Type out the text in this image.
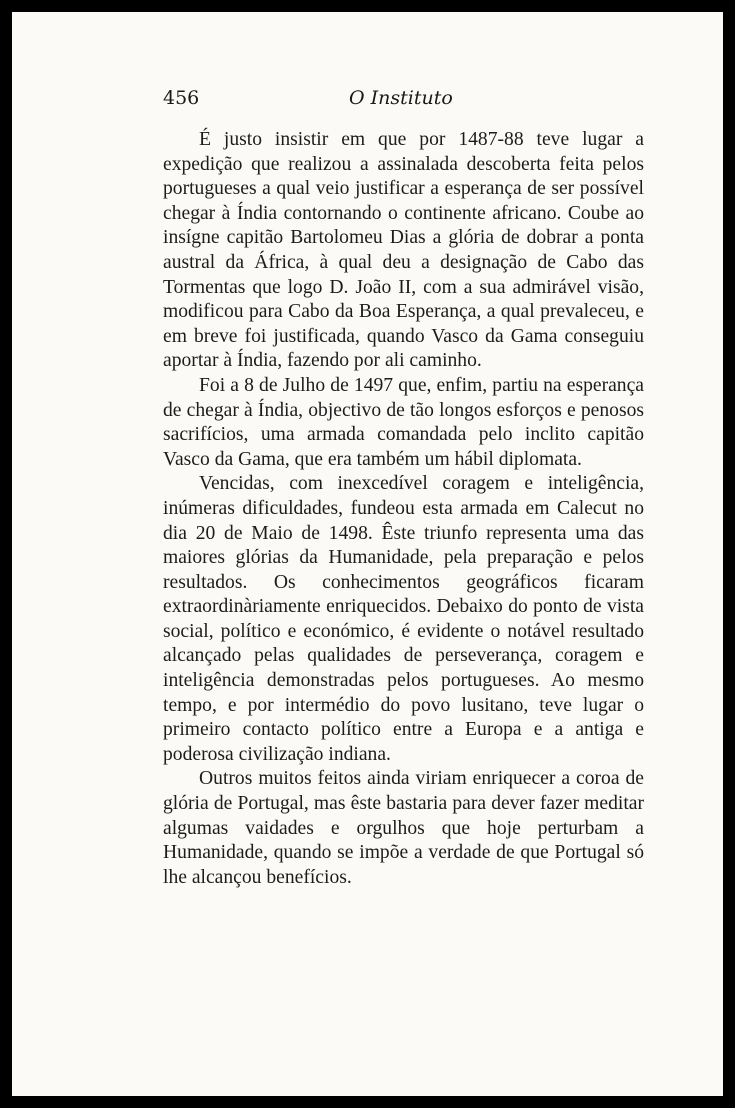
456	O Instituto

É justo insistir em que por 1487-88 teve lugar a expedição que realizou a assinalada descoberta feita pelos portugueses a qual veio justificar a esperança de ser possível chegar à Índia contornando o continente africano. Coube ao insígne capitão Bartolomeu Dias a glória de dobrar a ponta austral da África, à qual deu a designação de Cabo das Tormentas que logo D. João II, com a sua admirável visão, modificou para Cabo da Boa Esperança, a qual prevaleceu, e em breve foi justificada, quando Vasco da Gama conseguiu aportar à Índia, fazendo por ali caminho.

Foi a 8 de Julho de 1497 que, enfim, partiu na esperança de chegar à Índia, objectivo de tão longos esforços e penosos sacrifícios, uma armada comandada pelo inclito capitão Vasco da Gama, que era também um hábil diplomata.

Vencidas, com inexcedível coragem e inteligência, inúmeras dificuldades, fundeou esta armada em Calecut no dia 20 de Maio de 1498. Êste triunfo representa uma das maiores glórias da Humanidade, pela preparação e pelos resultados. Os conhecimentos geográficos ficaram extraordinàriamente enriquecidos. Debaixo do ponto de vista social, político e económico, é evidente o notável resultado alcançado pelas qualidades de perseverança, coragem e inteligência demonstradas pelos portugueses. Ao mesmo tempo, e por intermédio do povo lusitano, teve lugar o primeiro contacto político entre a Europa e a antiga e poderosa civilização indiana.

Outros muitos feitos ainda viriam enriquecer a coroa de glória de Portugal, mas êste bastaria para dever fazer meditar algumas vaidades e orgulhos que hoje perturbam a Humanidade, quando se impõe a verdade de que Portugal só lhe alcançou benefícios.
